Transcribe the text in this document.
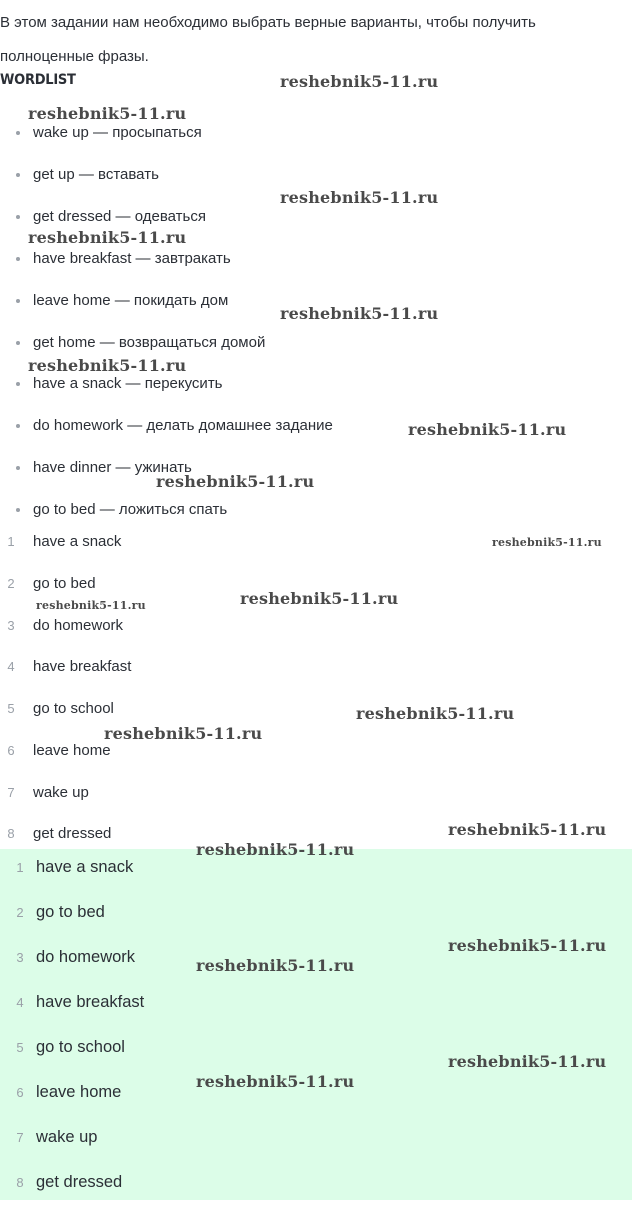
В этом задании нам необходимо выбрать верные варианты, чтобы получить полноценные фразы.

WORDLIST
wake up — просыпаться
get up — вставать
get dressed — одеваться
have breakfast — завтракать
leave home — покидать дом
get home — возвращаться домой
have a snack — перекусить
do homework — делать домашнее задание
have dinner — ужинать
go to bed — ложиться спать
1	have a snack
2	go to bed
3	do homework
4	have breakfast
5	go to school
6	leave home
7	wake up
8	get dressed
1 have a snack
2 go to bed
3 do homework
4 have breakfast
5 go to school
6 leave home
7 wake up
8 get dressed
reshebnik5-11.ru
reshebnik5-11.ru
reshebnik5-11.ru
reshebnik5-11.ru
reshebnik5-11.ru
reshebnik5-11.ru
reshebnik5-11.ru
reshebnik5-11.ru
reshebnik5-11.ru
reshebnik5-11.ru
reshebnik5-11.ru
reshebnik5-11.ru
reshebnik5-11.ru
reshebnik5-11.ru
reshebnik5-11.ru
reshebnik5-11.ru
reshebnik5-11.ru
reshebnik5-11.ru
reshebnik5-11.ru
